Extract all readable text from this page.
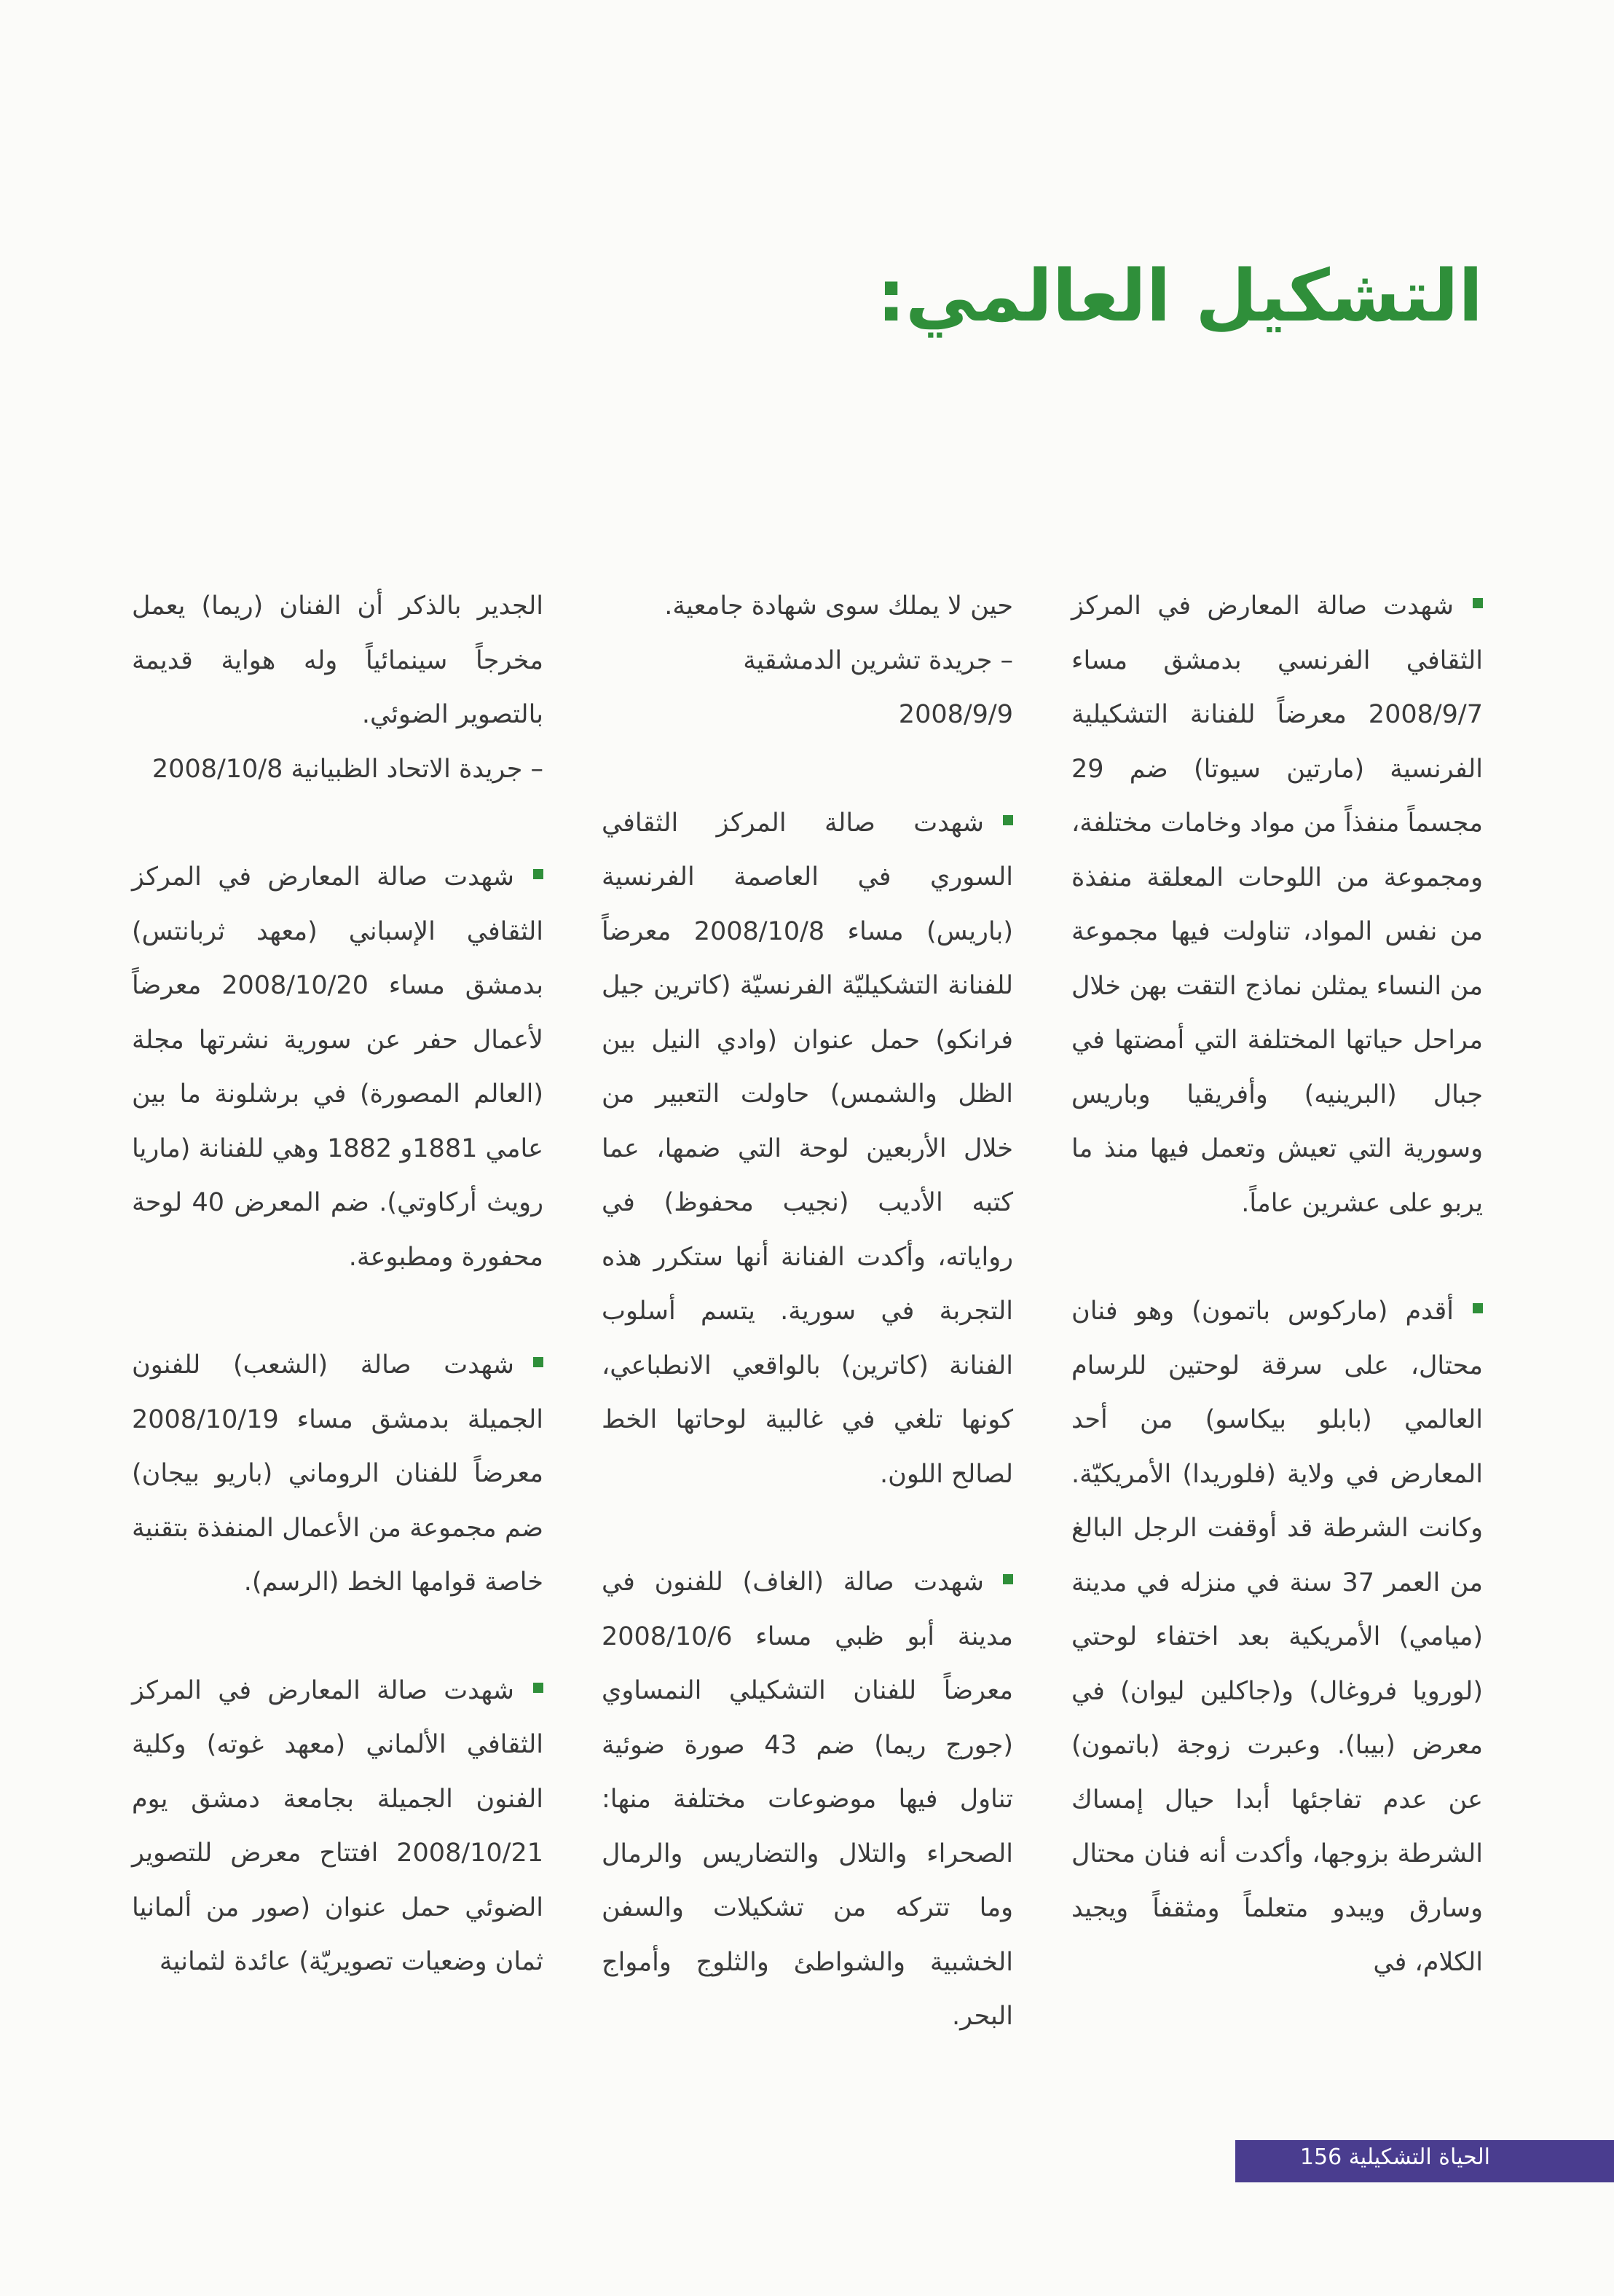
التشكيل العالمي:

شهدت صالة المعارض في المركز الثقافي الفرنسي بدمشق مساء 2008/9/7 معرضاً للفنانة التشكيلية الفرنسية (مارتين سيوتا) ضم 29 مجسماً منفذاً من مواد وخامات مختلفة، ومجموعة من اللوحات المعلقة منفذة من نفس المواد، تناولت فيها مجموعة من النساء يمثلن نماذج التقت بهن خلال مراحل حياتها المختلفة التي أمضتها في جبال (البرينيه) وأفريقيا وباريس وسورية التي تعيش وتعمل فيها منذ ما يربو على عشرين عاماً.

أقدم (ماركوس باتمون) وهو فنان محتال، على سرقة لوحتين للرسام العالمي (بابلو بيكاسو) من أحد المعارض في ولاية (فلوريدا) الأمريكيّة. وكانت الشرطة قد أوقفت الرجل البالغ من العمر 37 سنة في منزله في مدينة (ميامي) الأمريكية بعد اختفاء لوحتي (لورويا فروغال) و(جاكلين ليوان) في معرض (بيبا). وعبرت زوجة (باتمون) عن عدم تفاجئها أبدا حيال إمساك الشرطة بزوجها، وأكدت أنه فنان محتال وسارق ويبدو متعلماً ومثقفاً ويجيد الكلام، في

حين لا يملك سوى شهادة جامعية.

– جريدة تشرين الدمشقية

2008/9/9

شهدت صالة المركز الثقافي السوري في العاصمة الفرنسية (باريس) مساء 2008/10/8 معرضاً للفنانة التشكيليّة الفرنسيّة (كاترين جيل فرانكو) حمل عنوان (وادي النيل بين الظل والشمس) حاولت التعبير من خلال الأربعين لوحة التي ضمها، عما كتبه الأديب (نجيب محفوظ) في رواياته، وأكدت الفنانة أنها ستكرر هذه التجربة في سورية. يتسم أسلوب الفنانة (كاترين) بالواقعي الانطباعي، كونها تلغي في غالبية لوحاتها الخط لصالح اللون.

شهدت صالة (الغاف) للفنون في مدينة أبو ظبي مساء 2008/10/6 معرضاً للفنان التشكيلي النمساوي (جورج ريما) ضم 43 صورة ضوئية تناول فيها موضوعات مختلفة منها: الصحراء والتلال والتضاريس والرمال وما تتركه من تشكيلات والسفن الخشبية والشواطئ والثلوج وأمواج البحر.

الجدير بالذكر أن الفنان (ريما) يعمل مخرجاً سينمائياً وله هواية قديمة بالتصوير الضوئي.

– جريدة الاتحاد الظبيانية 2008/10/8

شهدت صالة المعارض في المركز الثقافي الإسباني (معهد ثربانتس) بدمشق مساء 2008/10/20 معرضاً لأعمال حفر عن سورية نشرتها مجلة (العالم المصورة) في برشلونة ما بين عامي 1881و 1882 وهي للفنانة (ماريا رويث أركاوتي). ضم المعرض 40 لوحة محفورة ومطبوعة.

شهدت صالة (الشعب) للفنون الجميلة بدمشق مساء 2008/10/19 معرضاً للفنان الروماني (باريو بيجان) ضم مجموعة من الأعمال المنفذة بتقنية خاصة قوامها الخط (الرسم).

شهدت صالة المعارض في المركز الثقافي الألماني (معهد غوته) وكلية الفنون الجميلة بجامعة دمشق يوم 2008/10/21 افتتاح معرض للتصوير الضوئي حمل عنوان (صور من ألمانيا ثمان وضعيات تصويريّة) عائدة لثمانية

الحياة التشكيلية 156
